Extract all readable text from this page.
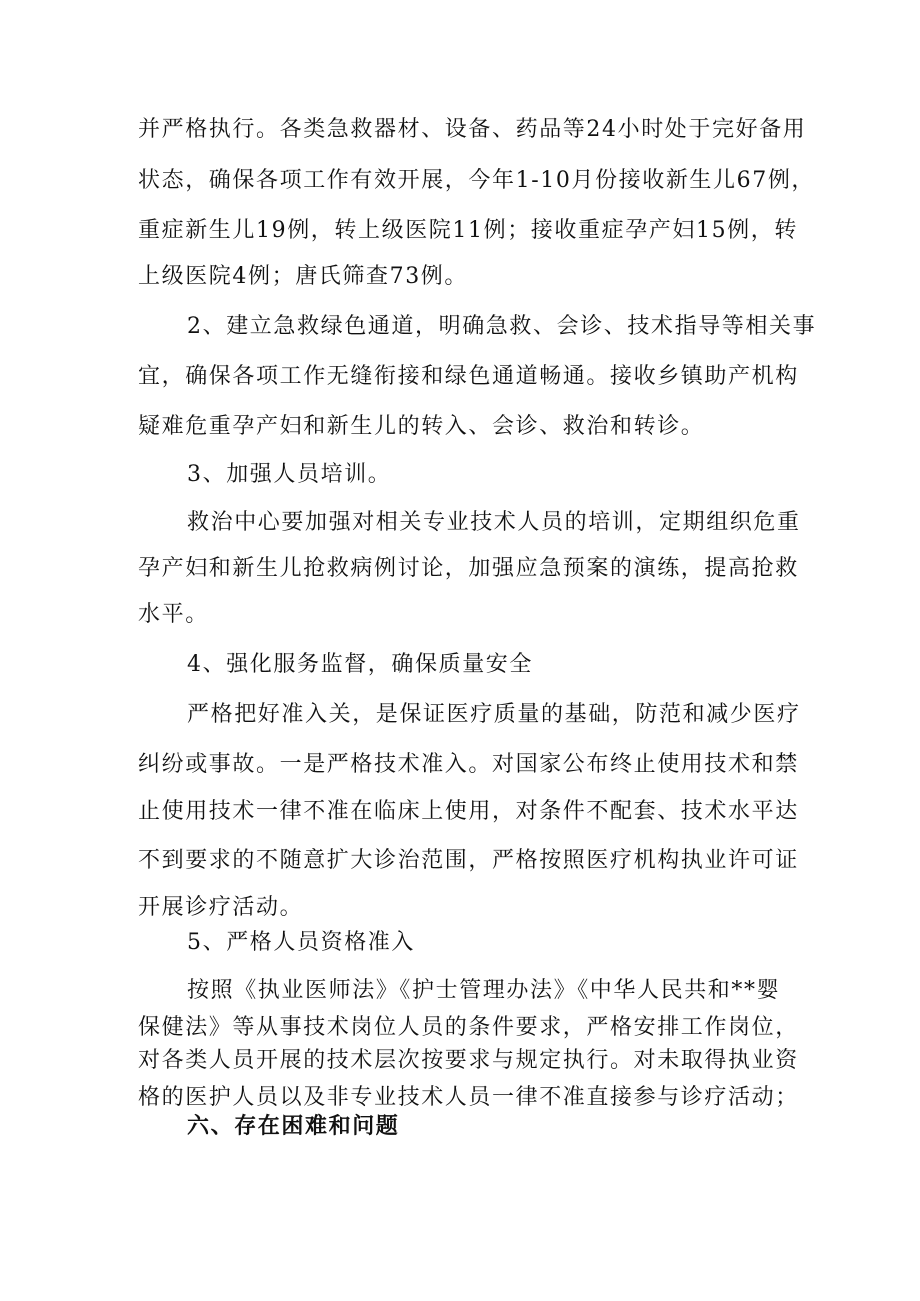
并严格执行。各类急救器材、设备、药品等24小时处于完好备用
状态，确保各项工作有效开展，今年1-10月份接收新生儿67例，
重症新生儿19例，转上级医院11例；接收重症孕产妇15例，转
上级医院4例；唐氏筛查73例。
2、建立急救绿色通道，明确急救、会诊、技术指导等相关事
宜，确保各项工作无缝衔接和绿色通道畅通。接收乡镇助产机构
疑难危重孕产妇和新生儿的转入、会诊、救治和转诊。
3、加强人员培训。
救治中心要加强对相关专业技术人员的培训，定期组织危重
孕产妇和新生儿抢救病例讨论，加强应急预案的演练，提高抢救
水平。
4、强化服务监督，确保质量安全
严格把好准入关，是保证医疗质量的基础，防范和减少医疗
纠纷或事故。一是严格技术准入。对国家公布终止使用技术和禁
止使用技术一律不准在临床上使用，对条件不配套、技术水平达
不到要求的不随意扩大诊治范围，严格按照医疗机构执业许可证
开展诊疗活动。
5、严格人员资格准入
按照《执业医师法》《护士管理办法》《中华人民共和**婴
保健法》等从事技术岗位人员的条件要求，严格安排工作岗位，
对各类人员开展的技术层次按要求与规定执行。对未取得执业资
格的医护人员以及非专业技术人员一律不准直接参与诊疗活动；
六、存在困难和问题
